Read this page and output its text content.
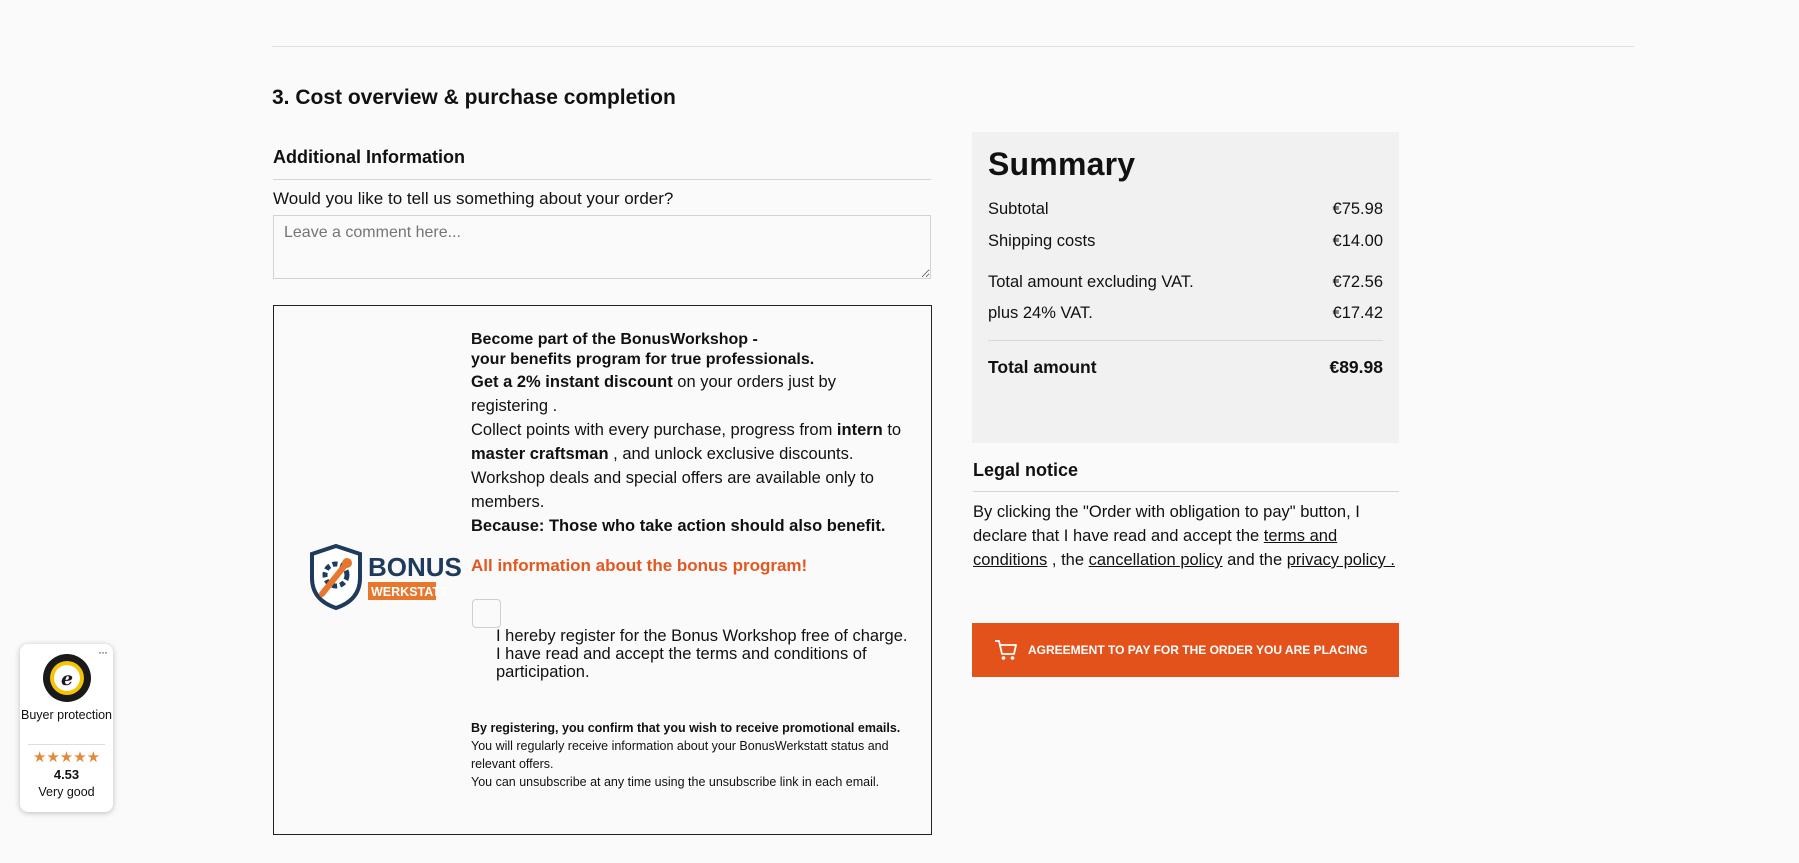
3. Cost overview & purchase completion
Additional Information
Would you like to tell us something about your order?
Leave a comment here...
BONUS
WERKSTATT
Become part of the BonusWorkshop -
your benefits program for true professionals.
Get a 2% instant discount on your orders just by registering .
Collect points with every purchase, progress from intern to master craftsman , and unlock exclusive discounts. Workshop deals and special offers are available only to members.
Because: Those who take action should also benefit.
All information about the bonus program!
I hereby register for the Bonus Workshop free of charge.
I have read and accept the terms and conditions of participation.
By registering, you confirm that you wish to receive promotional emails.
You will regularly receive information about your BonusWerkstatt status and relevant offers.
You can unsubscribe at any time using the unsubscribe link in each email.
Summary
Subtotal	€75.98
Shipping costs	€14.00
Total amount excluding VAT.	€72.56
plus 24% VAT.	€17.42
Total amount	€89.98
Legal notice
By clicking the "Order with obligation to pay" button, I declare that I have read and accept the terms and conditions , the cancellation policy and the privacy policy .
AGREEMENT TO PAY FOR THE ORDER YOU ARE PLACING
···
e
Buyer protection
★★★★★
4.53
Very good
